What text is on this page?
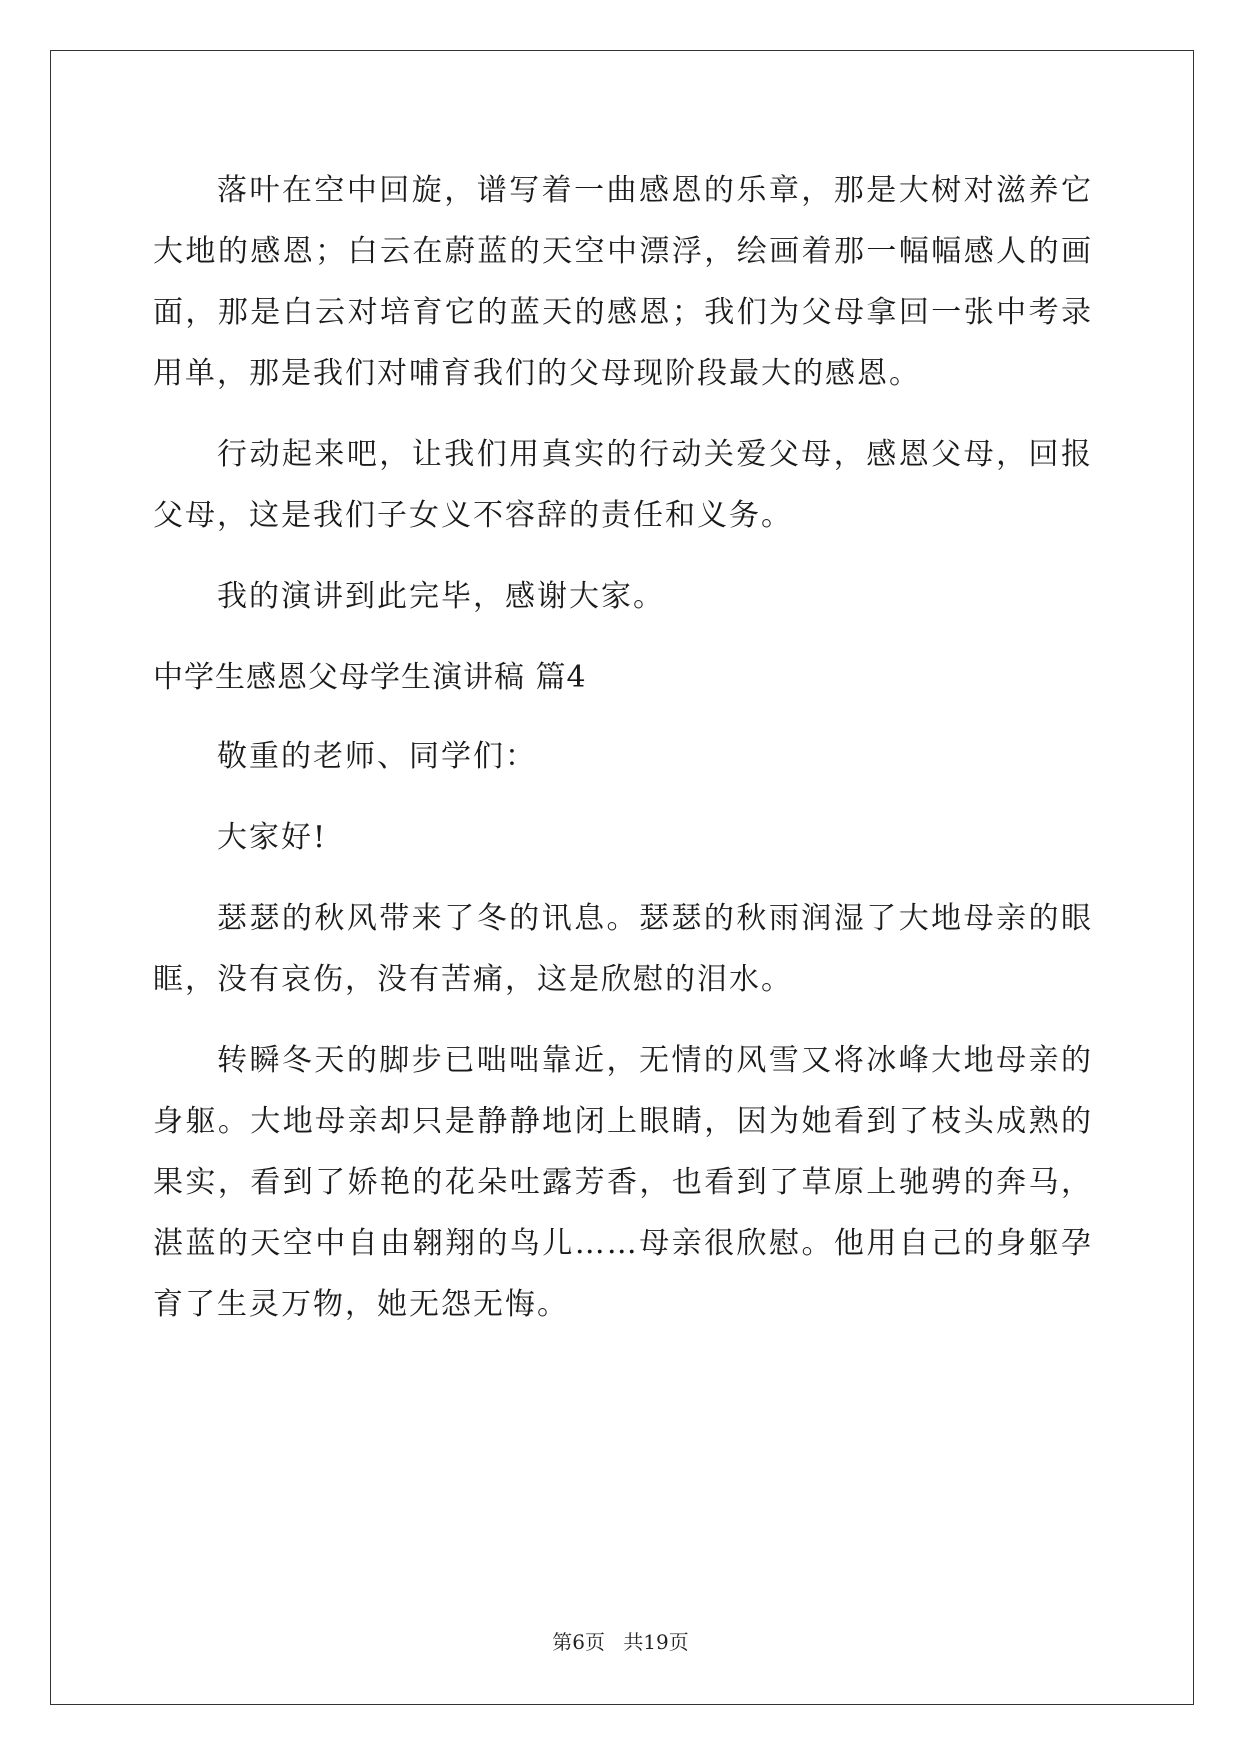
落叶在空中回旋，谱写着一曲感恩的乐章，那是大树对滋养它大地的感恩；白云在蔚蓝的天空中漂浮，绘画着那一幅幅感人的画面，那是白云对培育它的蓝天的感恩；我们为父母拿回一张中考录用单，那是我们对哺育我们的父母现阶段最大的感恩。

行动起来吧，让我们用真实的行动关爱父母，感恩父母，回报父母，这是我们子女义不容辞的责任和义务。

我的演讲到此完毕，感谢大家。

中学生感恩父母学生演讲稿 篇4

敬重的老师、同学们：

大家好!

瑟瑟的秋风带来了冬的讯息。瑟瑟的秋雨润湿了大地母亲的眼眶，没有哀伤，没有苦痛，这是欣慰的泪水。

转瞬冬天的脚步已咄咄靠近，无情的风雪又将冰峰大地母亲的身躯。大地母亲却只是静静地闭上眼睛，因为她看到了枝头成熟的果实，看到了娇艳的花朵吐露芳香，也看到了草原上驰骋的奔马，湛蓝的天空中自由翱翔的鸟儿……母亲很欣慰。他用自己的身躯孕育了生灵万物，她无怨无悔。

第6页 共19页
